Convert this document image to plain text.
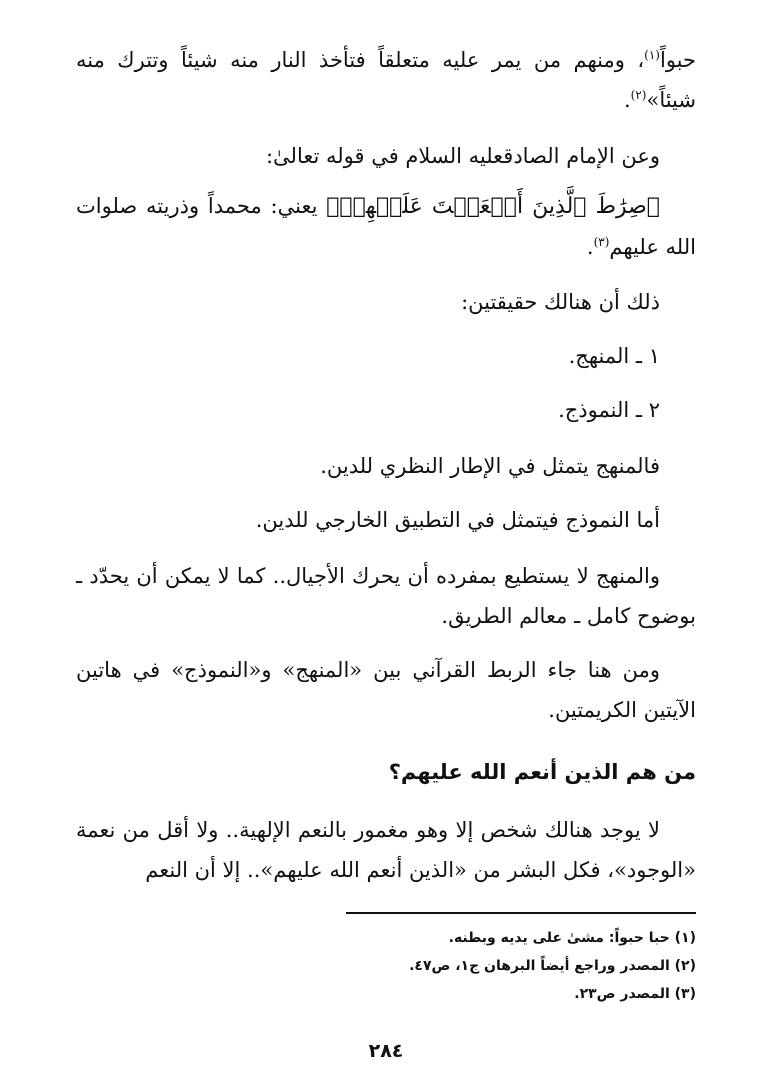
حبواً$^{(١)}$، ومنهم من يمر عليه متعلقاً فتأخذ النار منه شيئاً وتترك منه شيئاً»$^{(٢)}$.
وعن الإمام الصادقعليه السلام في قوله تعالىٰ:
﴿صِرَٰطَ ٱلَّذِينَ أَنۡعَمۡتَ عَلَيۡهِمۡ﴾ يعني: محمداً وذريته صلوات الله عليهم$^{(٣)}$.
ذلك أن هنالك حقيقتين:
١ ـ المنهج.
٢ ـ النموذج.
فالمنهج يتمثل في الإطار النظري للدين.
أما النموذج فيتمثل في التطبيق الخارجي للدين.
والمنهج لا يستطيع بمفرده أن يحرك الأجيال.. كما لا يمكن أن يحدّد ـ بوضوح كامل ـ معالم الطريق.
ومن هنا جاء الربط القرآني بين «المنهج» و«النموذج» في هاتين الآيتين الكريمتين.
من هم الذين أنعم الله عليهم؟
لا يوجد هنالك شخص إلا وهو مغمور بالنعم الإلهية.. ولا أقل من نعمة «الوجود»، فكل البشر من «الذين أنعم الله عليهم».. إلا أن النعم
(١) حبا حبواً: مشىٰ على يديه وبطنه.
(٢) المصدر وراجع أيضاً البرهان ج١، ص٤٧.
(٣) المصدر ص٢٣.
٢٨٤
